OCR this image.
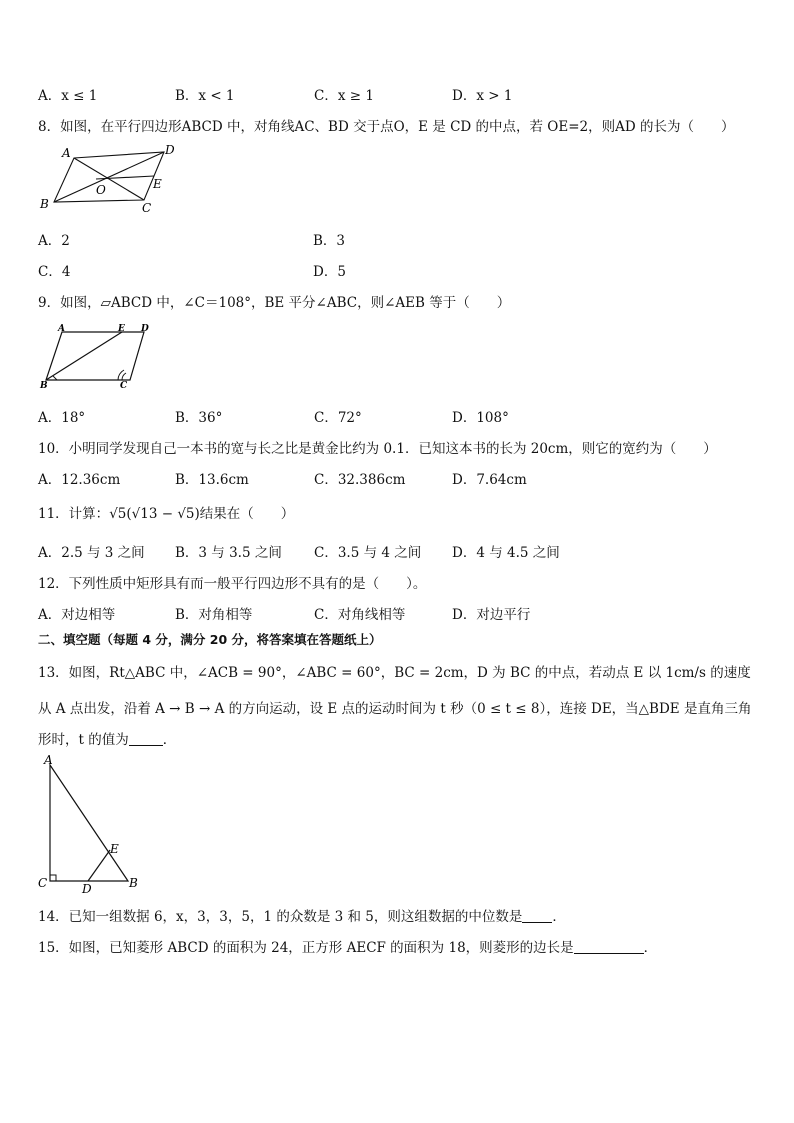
A．x ≤ 1	B．x < 1	C．x ≥ 1	D．x > 1
8．如图，在平行四边形ABCD 中，对角线AC、BD 交于点O，E 是 CD 的中点，若 OE=2，则AD 的长为（　　）
A	D
O	E
B	C
A．2	B．3
C．4	D．5
9．如图，▱ABCD 中，∠C＝108°，BE 平分∠ABC，则∠AEB 等于（　　）
A	E D
B	C
A．18°	B．36°	C．72°	D．108°
10．小明同学发现自己一本书的宽与长之比是黄金比约为 0.1．已知这本书的长为 20cm，则它的宽约为（　　）
A．12.36cm	B．13.6cm	C．32.386cm	D．7.64cm
11．计算：√5(√13 − √5)结果在（　　）
A．2.5 与 3 之间 B．3 与 3.5 之间 C．3.5 与 4 之间 D．4 与 4.5 之间
12．下列性质中矩形具有而一般平行四边形不具有的是（　　）。
A．对边相等	B．对角相等	C．对角线相等	D．对边平行
二、填空题（每题 4 分，满分 20 分，将答案填在答题纸上）
13．如图，Rt△ABC 中，∠ACB = 90°，∠ABC = 60°，BC = 2cm，D 为 BC 的中点，若动点 E 以 1cm/s 的速度
从 A 点出发，沿着 A → B → A 的方向运动，设 E 点的运动时间为 t 秒（0 ≤ t ≤ 8），连接 DE，当△BDE 是直角三角
形时，t 的值为	．
A
E
C	D	B
14．已知一组数据 6，x，3，3，5，1 的众数是 3 和 5，则这组数据的中位数是 ．
15．如图，已知菱形 ABCD 的面积为 24，正方形 AECF 的面积为 18，则菱形的边长是	．
